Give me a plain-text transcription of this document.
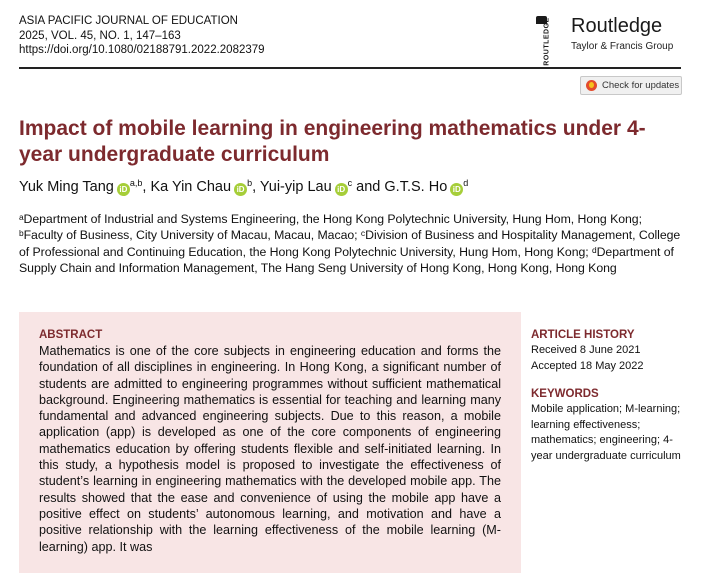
ASIA PACIFIC JOURNAL OF EDUCATION
2025, VOL. 45, NO. 1, 147–163
https://doi.org/10.1080/02188791.2022.2082379	ROUTLEDGE Routledge
Taylor & Francis Group
Check for updates
Impact of mobile learning in engineering mathematics under 4-year undergraduate curriculum
Yuk Ming Tang iD$^{a,b}$, Ka Yin Chau $iD^b$, Yui-yip Lau $iD^c$ and G.T.S. Ho $iD^d$
ᵃDepartment of Industrial and Systems Engineering, the Hong Kong Polytechnic University, Hung Hom, Hong Kong; ᵇFaculty of Business, City University of Macau, Macau, Macao; ᶜDivision of Business and Hospitality Management, College of Professional and Continuing Education, the Hong Kong Polytechnic University, Hung Hom, Hong Kong; ᵈDepartment of Supply Chain and Information Management, The Hang Seng University of Hong Kong, Hong Kong, Hong Kong
ABSTRACT
Mathematics is one of the core subjects in engineering education and forms the foundation of all disciplines in engineering. In Hong Kong, a significant number of students are admitted to engineering programmes without sufficient mathematical background. Engineering mathematics is essential for teaching and learning many fundamental and advanced engineering subjects. Due to this reason, a mobile application (app) is developed as one of the core components of engineering mathematics education by offering students flexible and self-initiated learning. In this study, a hypothesis model is proposed to investigate the effectiveness of student’s learning in engineering mathematics with the developed mobile app. The results showed that the ease and convenience of using the mobile app have a positive effect on students’ autonomous learning, and motivation and have a positive relationship with the learning effectiveness of the mobile learning (M-learning) app. It was
ARTICLE HISTORY
Received 8 June 2021
Accepted 18 May 2022
KEYWORDS
Mobile application; M-learning; learning effectiveness; mathematics; engineering; 4-year undergraduate curriculum
